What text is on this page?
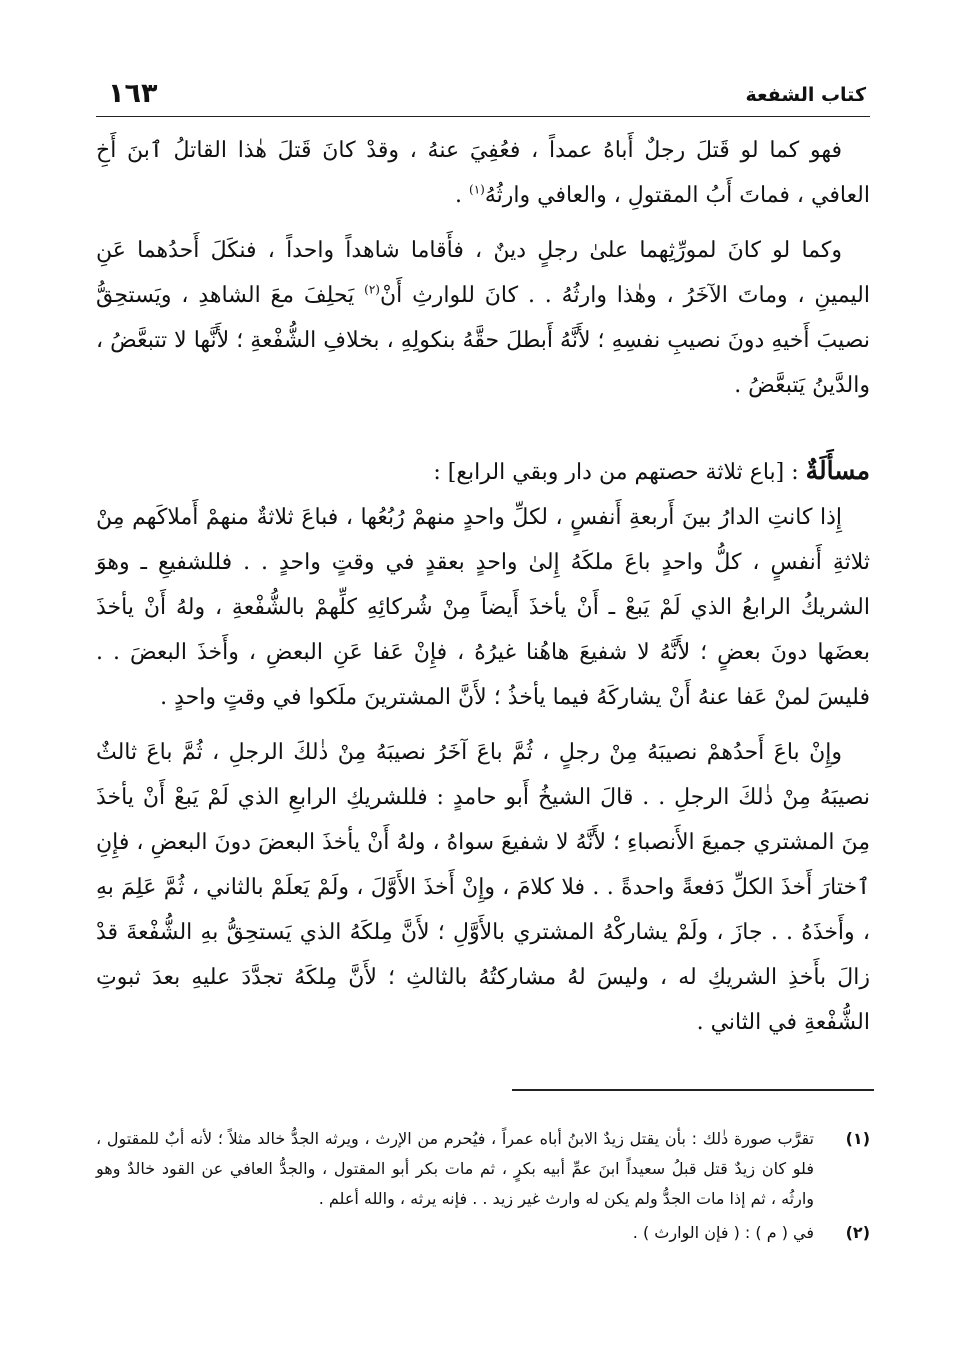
كتاب الشفعة
١٦٣

فهو كما لو قَتلَ رجلٌ أَباهُ عمداً ، فعُفِيَ عنهُ ، وقدْ كانَ قَتلَ هٰذا القاتلُ ٱبنَ أَخِ العافي ، فماتَ أَبُ المقتولِ ، والعافي وارثُهُ$^{(١)}$ .

وكما لو كانَ لمورِّثِهما علىٰ رجلٍ دينٌ ، فأَقاما شاهداً واحداً ، فنكَلَ أَحدُهما عَنِ اليمينِ ، وماتَ الآخَرُ ، وهٰذا وارثُهُ . . كانَ للوارثِ أَنْ$^{(٢)}$ يَحلِفَ معَ الشاهدِ ، ويَستحِقُّ نصيبَ أَخيهِ دونَ نصيبِ نفسِهِ ؛ لأَنَّهُ أَبطلَ حقَّهُ بنكولِهِ ، بخلافِ الشُّفْعةِ ؛ لأَنَّها لا تتبعَّضُ ، والدَّينُ يَتبعَّضُ .

مسأَلَةٌ : [باع ثلاثة حصتهم من دار وبقي الرابع] :

إِذا كانتِ الدارُ بينَ أَربعةِ أَنفسٍ ، لكلِّ واحدٍ منهمْ رُبُعُها ، فباعَ ثلاثةٌ منهمْ أَملاكَهم مِنْ ثلاثةِ أَنفسٍ ، كلُّ واحدٍ باعَ ملكَهُ إِلىٰ واحدٍ بعقدٍ في وقتٍ واحدٍ . . فللشفيعِ ـ وهوَ الشريكُ الرابعُ الذي لَمْ يَبعْ ـ أَنْ يأخذَ أَيضاً مِنْ شُركائِهِ كلِّهمْ بالشُّفْعةِ ، ولهُ أَنْ يأخذَ بعضَها دونَ بعضٍ ؛ لأَنَّهُ لا شفيعَ هاهُنا غيرُهُ ، فإِنْ عَفا عَنِ البعضِ ، وأَخذَ البعضَ . . فليسَ لمنْ عَفا عنهُ أَنْ يشاركَهُ فيما يأخذُ ؛ لأَنَّ المشترينَ ملَكوا في وقتٍ واحدٍ .

وإِنْ باعَ أَحدُهمْ نصيبَهُ مِنْ رجلٍ ، ثُمَّ باعَ آخَرُ نصيبَهُ مِنْ ذٰلكَ الرجلِ ، ثُمَّ باعَ ثالثٌ نصيبَهُ مِنْ ذٰلكَ الرجلِ . . قالَ الشيخُ أَبو حامدٍ : فللشريكِ الرابعِ الذي لَمْ يَبعْ أَنْ يأخذَ مِنَ المشتري جميعَ الأَنصباءِ ؛ لأَنَّهُ لا شفيعَ سواهُ ، ولهُ أَنْ يأخذَ البعضَ دونَ البعضِ ، فإِنِ ٱختارَ أَخذَ الكلِّ دَفعةً واحدةً . . فلا كلامَ ، وإِنْ أَخذَ الأَوَّلَ ، ولَمْ يَعلَمْ بالثاني ، ثُمَّ عَلِمَ بهِ ، وأَخذَهُ . . جازَ ، ولَمْ يشاركْهُ المشتري بالأَوَّلِ ؛ لأَنَّ مِلكَهُ الذي يَستحِقُّ بهِ الشُّفْعةَ قدْ زالَ بأَخذِ الشريكِ له ، وليسَ لهُ مشاركتُهُ بالثالثِ ؛ لأَنَّ مِلكَهُ تجدَّدَ عليهِ بعدَ ثبوتِ الشُّفْعةِ في الثاني .

(١)
تقرَّب صورة ذٰلك : بأن يقتل زيدٌ الابنُ أباه عمراً ، فيُحرم من الإرث ، ويرثه الجدُّ خالد مثلاً ؛ لأنه أبٌ للمقتول ، فلو كان زيدٌ قتل قبلُ سعيداً ابنَ عمِّ أبيه بكرٍ ، ثم مات بكر أبو المقتول ، والجدُّ العافي عن القود خالدٌ وهو وارثُه ، ثم إذا مات الجدُّ ولم يكن له وارث غير زيد . . فإنه يرثه ، والله أعلم .
(٢)
في ( م ) : ( فإن الوارث ) .
